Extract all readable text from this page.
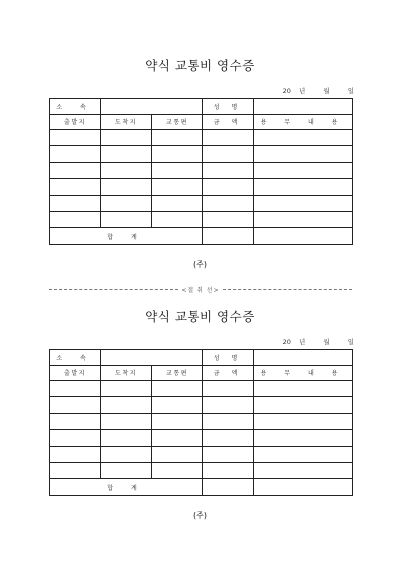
약식 교통비 영수증
20 년	월	일
소 속			성 명	
출발지	도착지	교통편	금 액	용 무 내 용

합 계				
(주)
<절 취 선>
약식 교통비 영수증
20 년	월	일
소 속			성 명	
출발지	도착지	교통편	금 액	용 무 내 용

합 계				
(주)
